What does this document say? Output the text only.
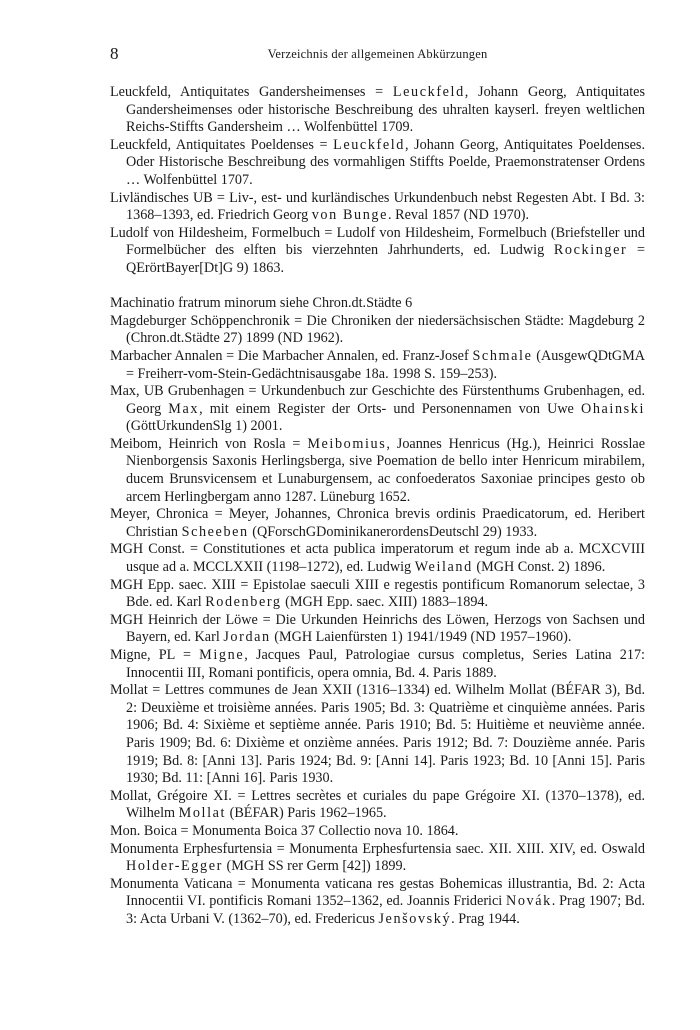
8	Verzeichnis der allgemeinen Abkürzungen

Leuckfeld, Antiquitates Gandersheimenses = Leuckfeld, Johann Georg, Antiquitates Gandersheimenses oder historische Beschreibung des uhralten kayserl. freyen weltlichen Reichs-Stiffts Gandersheim … Wolfenbüttel 1709.

Leuckfeld, Antiquitates Poeldenses = Leuckfeld, Johann Georg, Antiquitates Poeldenses. Oder Historische Beschreibung des vormahligen Stiffts Poelde, Praemonstratenser Ordens … Wolfenbüttel 1707.

Livländisches UB = Liv-, est- und kurländisches Urkundenbuch nebst Regesten Abt. I Bd. 3: 1368–1393, ed. Friedrich Georg von Bunge. Reval 1857 (ND 1970).

Ludolf von Hildesheim, Formelbuch = Ludolf von Hildesheim, Formelbuch (Briefsteller und Formelbücher des elften bis vierzehnten Jahrhunderts, ed. Ludwig Rockinger = QErörtBayer[Dt]G 9) 1863.

Machinatio fratrum minorum siehe Chron.dt.Städte 6

Magdeburger Schöppenchronik = Die Chroniken der niedersächsischen Städte: Magdeburg 2 (Chron.dt.Städte 27) 1899 (ND 1962).

Marbacher Annalen = Die Marbacher Annalen, ed. Franz-Josef Schmale (AusgewQDtGMA = Freiherr-vom-Stein-Gedächtnisausgabe 18a. 1998 S. 159–253).

Max, UB Grubenhagen = Urkundenbuch zur Geschichte des Fürstenthums Grubenhagen, ed. Georg Max, mit einem Register der Orts- und Personennamen von Uwe Ohainski (GöttUrkundenSlg 1) 2001.

Meibom, Heinrich von Rosla = Meibomius, Joannes Henricus (Hg.), Heinrici Rosslae Nienborgensis Saxonis Herlingsberga, sive Poemation de bello inter Henricum mirabilem, ducem Brunsvicensem et Lunaburgensem, ac confoederatos Saxoniae principes gesto ob arcem Herlingbergam anno 1287. Lüneburg 1652.

Meyer, Chronica = Meyer, Johannes, Chronica brevis ordinis Praedicatorum, ed. Heribert Christian Scheeben (QForschGDominikanerordensDeutschl 29) 1933.

MGH Const. = Constitutiones et acta publica imperatorum et regum inde ab a. MCXCVIII usque ad a. MCCLXXII (1198–1272), ed. Ludwig Weiland (MGH Const. 2) 1896.

MGH Epp. saec. XIII = Epistolae saeculi XIII e regestis pontificum Romanorum selectae, 3 Bde. ed. Karl Rodenberg (MGH Epp. saec. XIII) 1883–1894.

MGH Heinrich der Löwe = Die Urkunden Heinrichs des Löwen, Herzogs von Sachsen und Bayern, ed. Karl Jordan (MGH Laienfürsten 1) 1941/1949 (ND 1957–1960).

Migne, PL = Migne, Jacques Paul, Patrologiae cursus completus, Series Latina 217: Innocentii III, Romani pontificis, opera omnia, Bd. 4. Paris 1889.

Mollat = Lettres communes de Jean XXII (1316–1334) ed. Wilhelm Mollat (BÉFAR 3), Bd. 2: Deuxième et troisième années. Paris 1905; Bd. 3: Quatrième et cinquième années. Paris 1906; Bd. 4: Sixième et septième année. Paris 1910; Bd. 5: Huitième et neuvième année. Paris 1909; Bd. 6: Dixième et onzième années. Paris 1912; Bd. 7: Douzième année. Paris 1919; Bd. 8: [Anni 13]. Paris 1924; Bd. 9: [Anni 14]. Paris 1923; Bd. 10 [Anni 15]. Paris 1930; Bd. 11: [Anni 16]. Paris 1930.

Mollat, Grégoire XI. = Lettres secrètes et curiales du pape Grégoire XI. (1370–1378), ed. Wilhelm Mollat (BÉFAR) Paris 1962–1965.

Mon. Boica = Monumenta Boica 37 Collectio nova 10. 1864.

Monumenta Erphesfurtensia = Monumenta Erphesfurtensia saec. XII. XIII. XIV, ed. Oswald Holder-Egger (MGH SS rer Germ [42]) 1899.

Monumenta Vaticana = Monumenta vaticana res gestas Bohemicas illustrantia, Bd. 2: Acta Innocentii VI. pontificis Romani 1352–1362, ed. Joannis Friderici Novák. Prag 1907; Bd. 3: Acta Urbani V. (1362–70), ed. Fredericus Jenšovský. Prag 1944.
